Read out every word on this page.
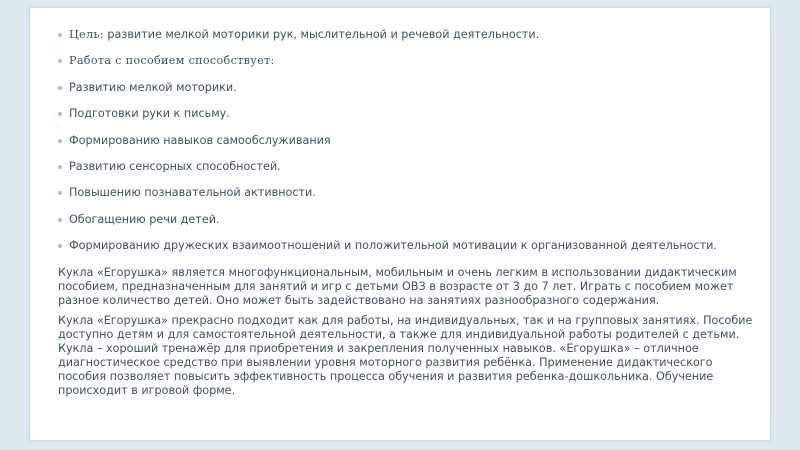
Цель: развитие мелкой моторики рук, мыслительной и речевой деятельности.
Работа с пособием способствует:
Развитию мелкой моторики.
Подготовки руки к письму.
Формированию навыков самообслуживания
Развитию сенсорных способностей.
Повышению познавательной активности.
Обогащению речи детей.
Формированию дружеских взаимоотношений и положительной мотивации к организованной деятельности.

Кукла «Егорушка» является многофункциональным, мобильным и очень легким в использовании дидактическим пособием, предназначенным для занятий и игр с детьми ОВЗ в возрасте от 3 до 7 лет. Играть с пособием может разное количество детей. Оно может быть задействовано на занятиях разнообразного содержания.

Кукла «Егорушка» прекрасно подходит как для работы, на индивидуальных, так и на групповых занятиях. Пособие доступно детям и для самостоятельной деятельности, а также для индивидуальной работы родителей с детьми. Кукла – хороший тренажёр для приобретения и закрепления полученных навыков. «Егорушка» – отличное диагностическое средство при выявлении уровня моторного развития ребёнка. Применение дидактического пособия позволяет повысить эффективность процесса обучения и развития ребенка-дошкольника. Обучение происходит в игровой форме.
